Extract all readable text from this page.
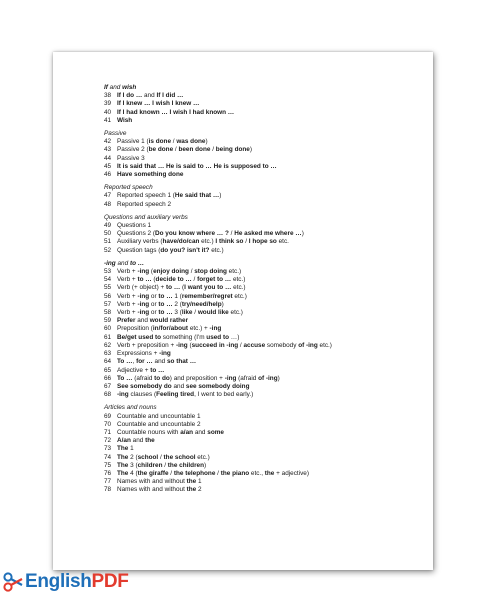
If and wish
38 If I do … and If I did …
39 If I knew … I wish I knew …
40 If I had known … I wish I had known …
41 Wish
Passive
42 Passive 1 (is done / was done)
43 Passive 2 (be done / been done / being done)
44 Passive 3
45 It is said that … He is said to … He is supposed to …
46 Have something done
Reported speech
47 Reported speech 1 (He said that …)
48 Reported speech 2
Questions and auxiliary verbs
49 Questions 1
50 Questions 2 (Do you know where … ? / He asked me where …)
51 Auxiliary verbs (have/do/can etc.) I think so / I hope so etc.
52 Question tags (do you? isn't it? etc.)
-ing and to …
53 Verb + -ing (enjoy doing / stop doing etc.)
54 Verb + to … (decide to … / forget to … etc.)
55 Verb (+ object) + to … (I want you to … etc.)
56 Verb + -ing or to … 1 (remember/regret etc.)
57 Verb + -ing or to … 2 (try/need/help)
58 Verb + -ing or to … 3 (like / would like etc.)
59 Prefer and would rather
60 Preposition (in/for/about etc.) + -ing
61 Be/get used to something (I'm used to …)
62 Verb + preposition + -ing (succeed in -ing / accuse somebody of -ing etc.)
63 Expressions + -ing
64 To …, for … and so that …
65 Adjective + to …
66 To … (afraid to do) and preposition + -ing (afraid of -ing)
67 See somebody do and see somebody doing
68 -ing clauses (Feeling tired, I went to bed early.)
Articles and nouns
69 Countable and uncountable 1
70 Countable and uncountable 2
71 Countable nouns with a/an and some
72 A/an and the
73 The 1
74 The 2 (school / the school etc.)
75 The 3 (children / the children)
76 The 4 (the giraffe / the telephone / the piano etc., the + adjective)
77 Names with and without the 1
78 Names with and without the 2
EnglishPDF
